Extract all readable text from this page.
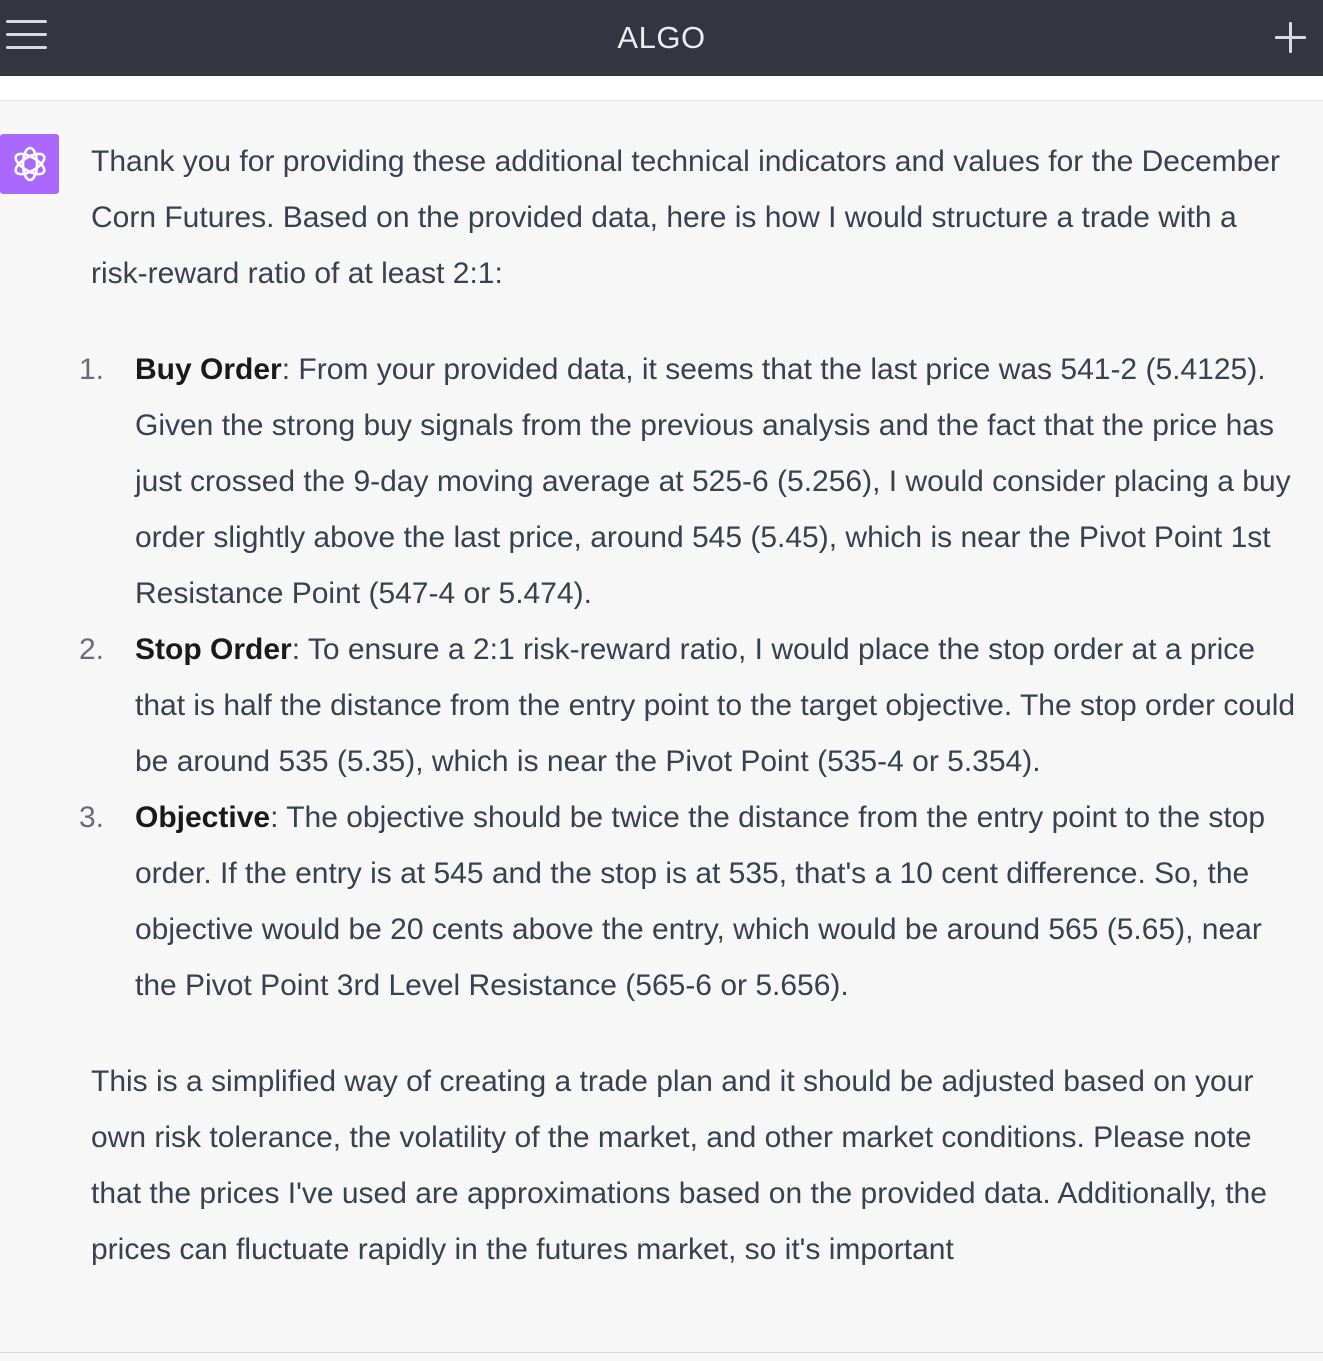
ALGO

Thank you for providing these additional technical indicators and values for the December Corn Futures. Based on the provided data, here is how I would structure a trade with a risk-reward ratio of at least 2:1:

1.	Buy Order: From your provided data, it seems that the last price was 541-2 (5.4125). Given the strong buy signals from the previous analysis and the fact that the price has just crossed the 9-day moving average at 525-6 (5.256), I would consider placing a buy order slightly above the last price, around 545 (5.45), which is near the Pivot Point 1st Resistance Point (547-4 or 5.474).
2.	Stop Order: To ensure a 2:1 risk-reward ratio, I would place the stop order at a price that is half the distance from the entry point to the target objective. The stop order could be around 535 (5.35), which is near the Pivot Point (535-4 or 5.354).
3.	Objective: The objective should be twice the distance from the entry point to the stop order. If the entry is at 545 and the stop is at 535, that's a 10 cent difference. So, the objective would be 20 cents above the entry, which would be around 565 (5.65), near the Pivot Point 3rd Level Resistance (565-6 or 5.656).

This is a simplified way of creating a trade plan and it should be adjusted based on your own risk tolerance, the volatility of the market, and other market conditions. Please note that the prices I've used are approximations based on the provided data. Additionally, the prices can fluctuate rapidly in the futures market, so it's important
